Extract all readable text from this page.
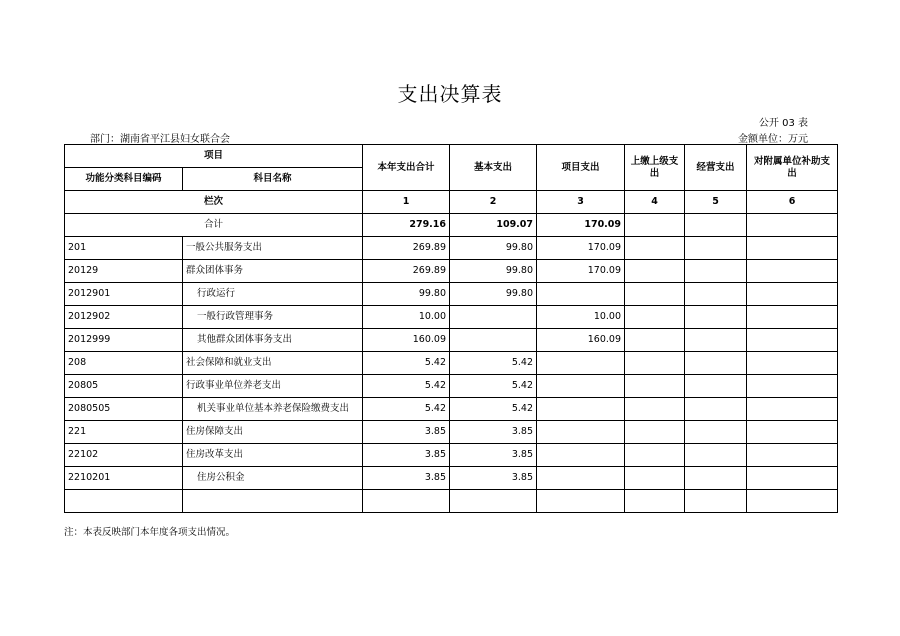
支出决算表
公开 03 表
部门：湖南省平江县妇女联合会	金额单位：万元
项目		本年支出合计	基本支出	项目支出	上缴上级支出	经营支出	对附属单位补助支出
功能分类科目编码	科目名称						
栏次		1	2	3	4	5	6
合计		279.16	109.07	170.09			
201	一般公共服务支出	269.89	99.80	170.09			
20129	群众团体事务	269.89	99.80	170.09			
2012901	行政运行	99.80	99.80				
2012902	一般行政管理事务	10.00		10.00			
2012999	其他群众团体事务支出	160.09		160.09			
208	社会保障和就业支出	5.42	5.42				
20805	行政事业单位养老支出	5.42	5.42				
2080505	机关事业单位基本养老保险缴费支出	5.42	5.42				
221	住房保障支出	3.85	3.85				
22102	住房改革支出	3.85	3.85				
2210201	住房公积金	3.85	3.85				

注：本表反映部门本年度各项支出情况。
